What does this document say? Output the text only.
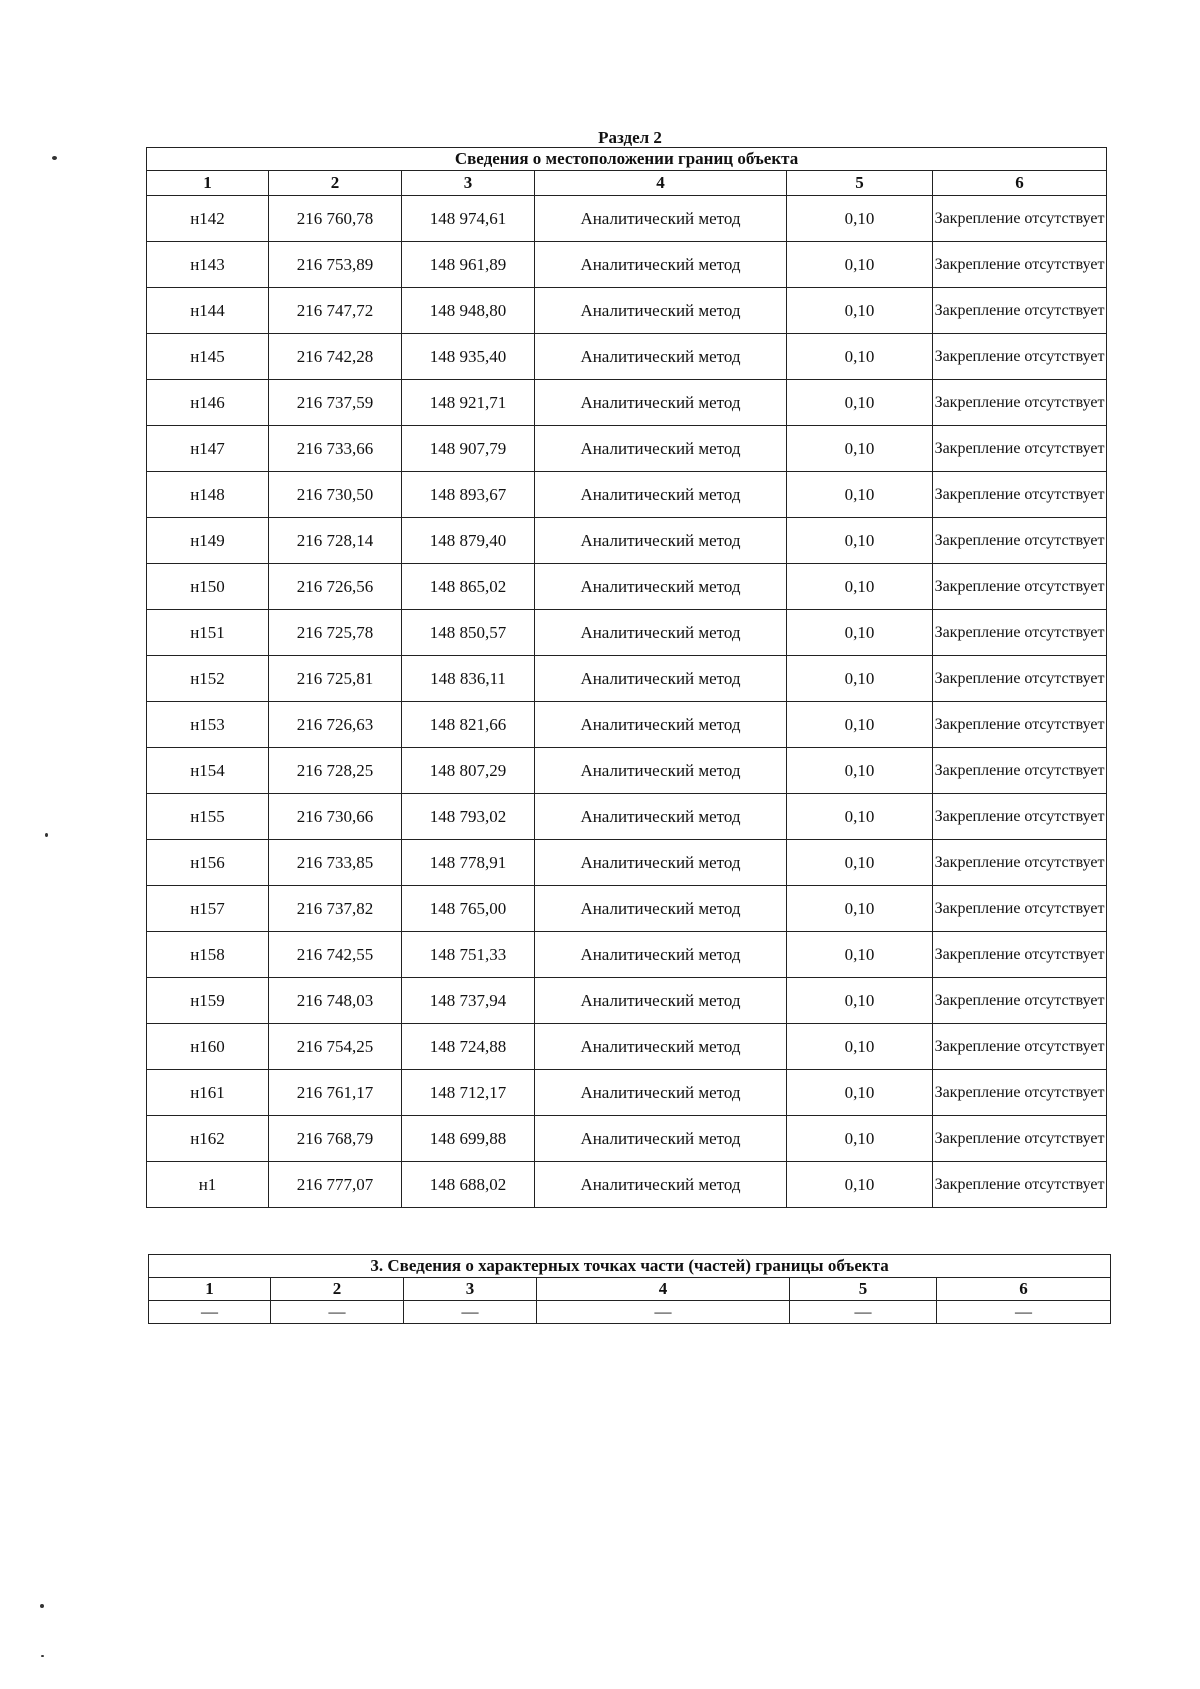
Раздел 2
Сведения о местоположении границ объекта					
1	2	3	4	5	6
н142	216 760,78	148 974,61	Аналитический метод	0,10	Закрепление отсутствует
н143	216 753,89	148 961,89	Аналитический метод	0,10	Закрепление отсутствует
н144	216 747,72	148 948,80	Аналитический метод	0,10	Закрепление отсутствует
н145	216 742,28	148 935,40	Аналитический метод	0,10	Закрепление отсутствует
н146	216 737,59	148 921,71	Аналитический метод	0,10	Закрепление отсутствует
н147	216 733,66	148 907,79	Аналитический метод	0,10	Закрепление отсутствует
н148	216 730,50	148 893,67	Аналитический метод	0,10	Закрепление отсутствует
н149	216 728,14	148 879,40	Аналитический метод	0,10	Закрепление отсутствует
н150	216 726,56	148 865,02	Аналитический метод	0,10	Закрепление отсутствует
н151	216 725,78	148 850,57	Аналитический метод	0,10	Закрепление отсутствует
н152	216 725,81	148 836,11	Аналитический метод	0,10	Закрепление отсутствует
н153	216 726,63	148 821,66	Аналитический метод	0,10	Закрепление отсутствует
н154	216 728,25	148 807,29	Аналитический метод	0,10	Закрепление отсутствует
н155	216 730,66	148 793,02	Аналитический метод	0,10	Закрепление отсутствует
н156	216 733,85	148 778,91	Аналитический метод	0,10	Закрепление отсутствует
н157	216 737,82	148 765,00	Аналитический метод	0,10	Закрепление отсутствует
н158	216 742,55	148 751,33	Аналитический метод	0,10	Закрепление отсутствует
н159	216 748,03	148 737,94	Аналитический метод	0,10	Закрепление отсутствует
н160	216 754,25	148 724,88	Аналитический метод	0,10	Закрепление отсутствует
н161	216 761,17	148 712,17	Аналитический метод	0,10	Закрепление отсутствует
н162	216 768,79	148 699,88	Аналитический метод	0,10	Закрепление отсутствует
н1	216 777,07	148 688,02	Аналитический метод	0,10	Закрепление отсутствует
3. Сведения о характерных точках части (частей) границы объекта					
1	2	3	4	5	6
—	—	—	—	—	—
